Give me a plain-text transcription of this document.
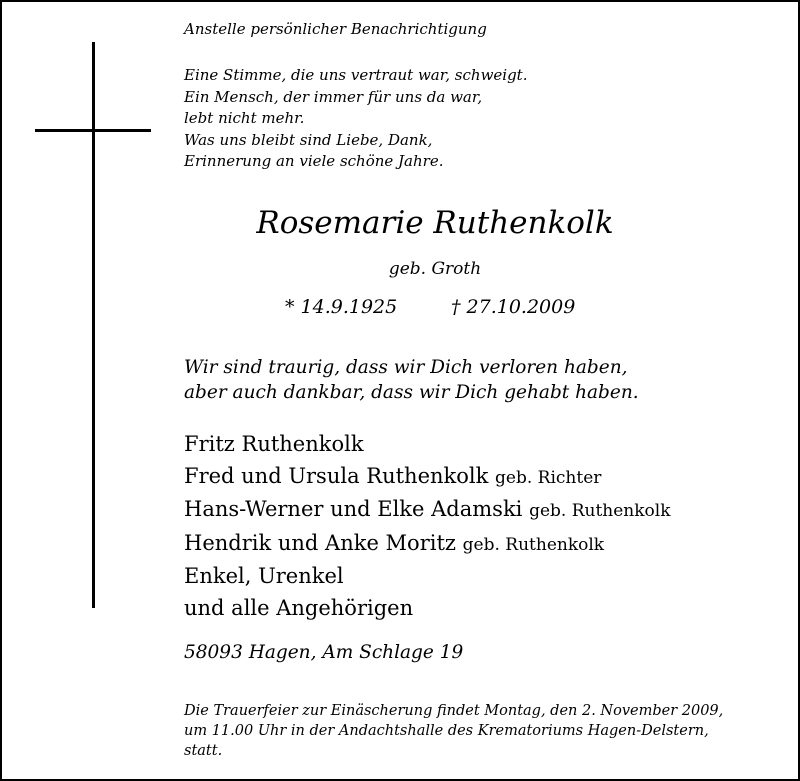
Anstelle persönlicher Benachrichtigung
Eine Stimme, die uns vertraut war, schweigt.
Ein Mensch, der immer für uns da war,
lebt nicht mehr.
Was uns bleibt sind Liebe, Dank,
Erinnerung an viele schöne Jahre.
Rosemarie Ruthenkolk
geb. Groth
* 14.9.1925	† 27.10.2009
Wir sind traurig, dass wir Dich verloren haben,
aber auch dankbar, dass wir Dich gehabt haben.
Fritz Ruthenkolk
Fred und Ursula Ruthenkolk geb. Richter
Hans-Werner und Elke Adamski geb. Ruthenkolk
Hendrik und Anke Moritz geb. Ruthenkolk
Enkel, Urenkel
und alle Angehörigen
58093 Hagen, Am Schlage 19
Die Trauerfeier zur Einäscherung findet Montag, den 2. November 2009,
um 11.00 Uhr in der Andachtshalle des Krematoriums Hagen-Delstern,
statt.
